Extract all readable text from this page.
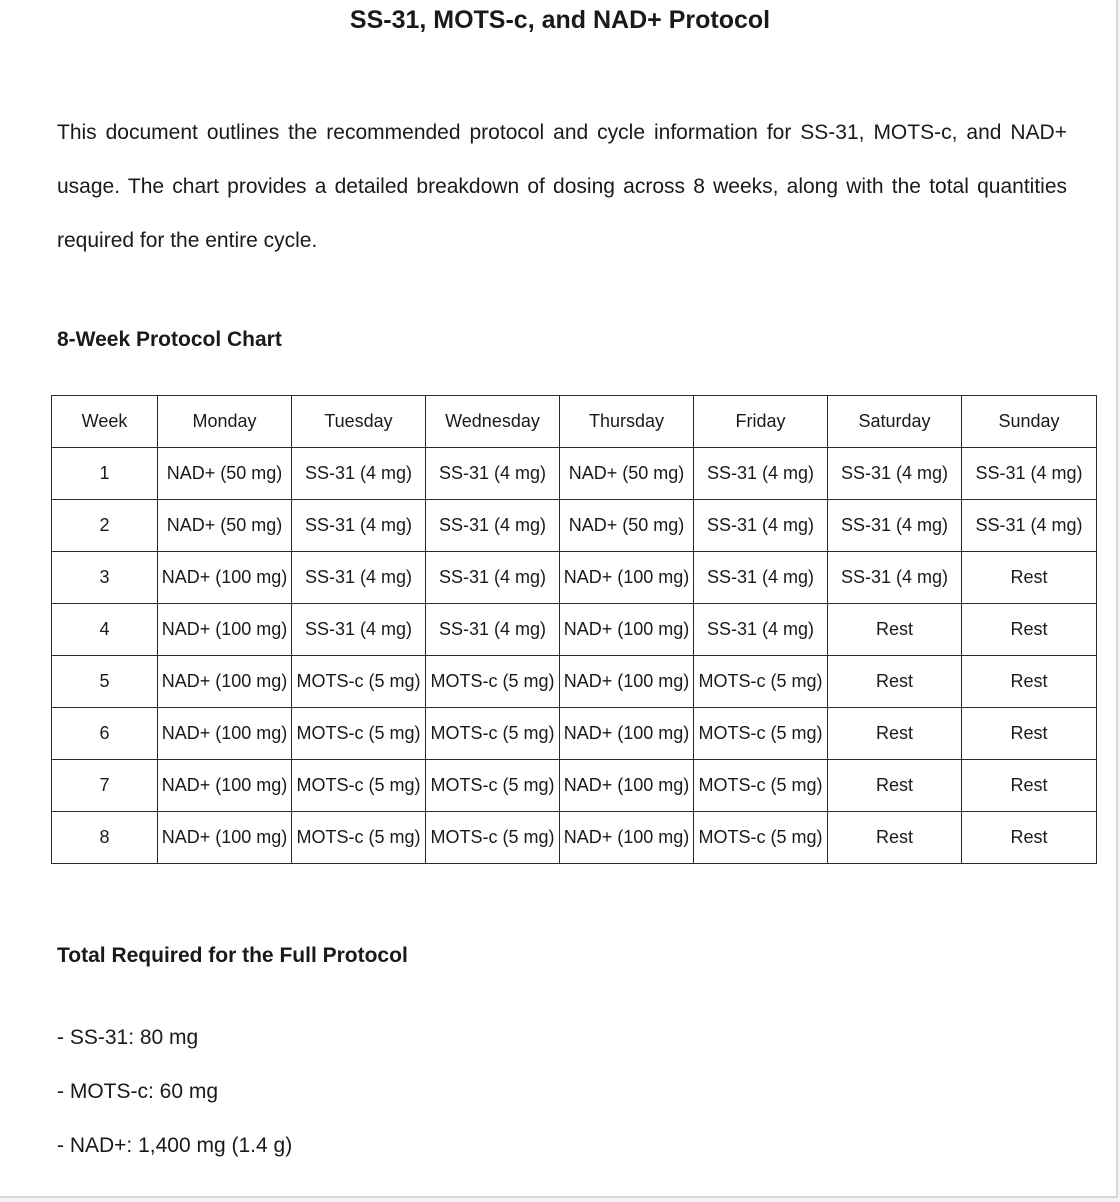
SS-31, MOTS-c, and NAD+ Protocol

This document outlines the recommended protocol and cycle information for SS-31, MOTS-c, and NAD+ usage. The chart provides a detailed breakdown of dosing across 8 weeks, along with the total quantities required for the entire cycle.

8-Week Protocol Chart
Week	Monday	Tuesday	Wednesday	Thursday	Friday	Saturday	Sunday
1	NAD+ (50 mg)	SS-31 (4 mg)	SS-31 (4 mg)	NAD+ (50 mg)	SS-31 (4 mg)	SS-31 (4 mg)	SS-31 (4 mg)
2	NAD+ (50 mg)	SS-31 (4 mg)	SS-31 (4 mg)	NAD+ (50 mg)	SS-31 (4 mg)	SS-31 (4 mg)	SS-31 (4 mg)
3	NAD+ (100 mg)	SS-31 (4 mg)	SS-31 (4 mg)	NAD+ (100 mg)	SS-31 (4 mg)	SS-31 (4 mg)	Rest
4	NAD+ (100 mg)	SS-31 (4 mg)	SS-31 (4 mg)	NAD+ (100 mg)	SS-31 (4 mg)	Rest	Rest
5	NAD+ (100 mg)	MOTS-c (5 mg)	MOTS-c (5 mg)	NAD+ (100 mg)	MOTS-c (5 mg)	Rest	Rest
6	NAD+ (100 mg)	MOTS-c (5 mg)	MOTS-c (5 mg)	NAD+ (100 mg)	MOTS-c (5 mg)	Rest	Rest
7	NAD+ (100 mg)	MOTS-c (5 mg)	MOTS-c (5 mg)	NAD+ (100 mg)	MOTS-c (5 mg)	Rest	Rest
8	NAD+ (100 mg)	MOTS-c (5 mg)	MOTS-c (5 mg)	NAD+ (100 mg)	MOTS-c (5 mg)	Rest	Rest
Total Required for the Full Protocol
- SS-31: 80 mg
- MOTS-c: 60 mg
- NAD+: 1,400 mg (1.4 g)
